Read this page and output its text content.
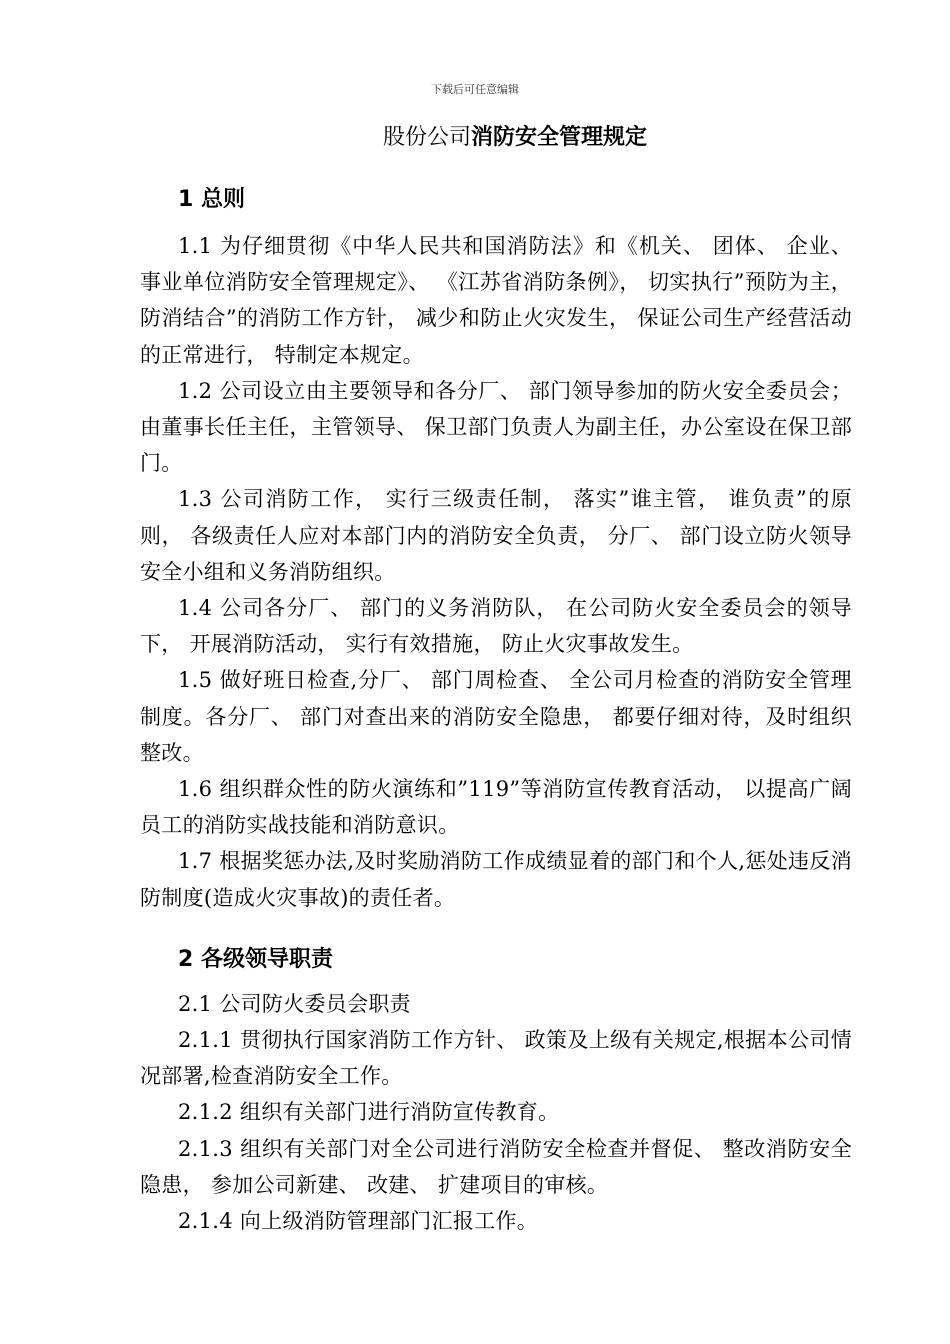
下载后可任意编辑
股份公司消防安全管理规定
1 总则

1.1 为仔细贯彻《中华人民共和国消防法》和《机关、 团体、 企业、 事业单位消防安全管理规定》、 《江苏省消防条例》， 切实执行”预防为主， 防消结合”的消防工作方针， 减少和防止火灾发生， 保证公司生产经营活动的正常进行， 特制定本规定。

1.2 公司设立由主要领导和各分厂、 部门领导参加的防火安全委员会；由董事长任主任，主管领导、 保卫部门负责人为副主任，办公室设在保卫部门。

1.3 公司消防工作， 实行三级责任制， 落实”谁主管， 谁负责”的原则， 各级责任人应对本部门内的消防安全负责， 分厂、 部门设立防火领导安全小组和义务消防组织。

1.4 公司各分厂、 部门的义务消防队， 在公司防火安全委员会的领导下， 开展消防活动， 实行有效措施， 防止火灾事故发生。

1.5 做好班日检查,分厂、 部门周检查、 全公司月检查的消防安全管理制度。各分厂、 部门对查出来的消防安全隐患， 都要仔细对待，及时组织整改。

1.6 组织群众性的防火演练和”119”等消防宣传教育活动， 以提高广阔员工的消防实战技能和消防意识。

1.7 根据奖惩办法,及时奖励消防工作成绩显着的部门和个人,惩处违反消防制度(造成火灾事故)的责任者。

2 各级领导职责

2.1 公司防火委员会职责

2.1.1 贯彻执行国家消防工作方针、 政策及上级有关规定,根据本公司情况部署,检查消防安全工作。

2.1.2 组织有关部门进行消防宣传教育。

2.1.3 组织有关部门对全公司进行消防安全检查并督促、 整改消防安全隐患， 参加公司新建、 改建、 扩建项目的审核。

2.1.4 向上级消防管理部门汇报工作。
